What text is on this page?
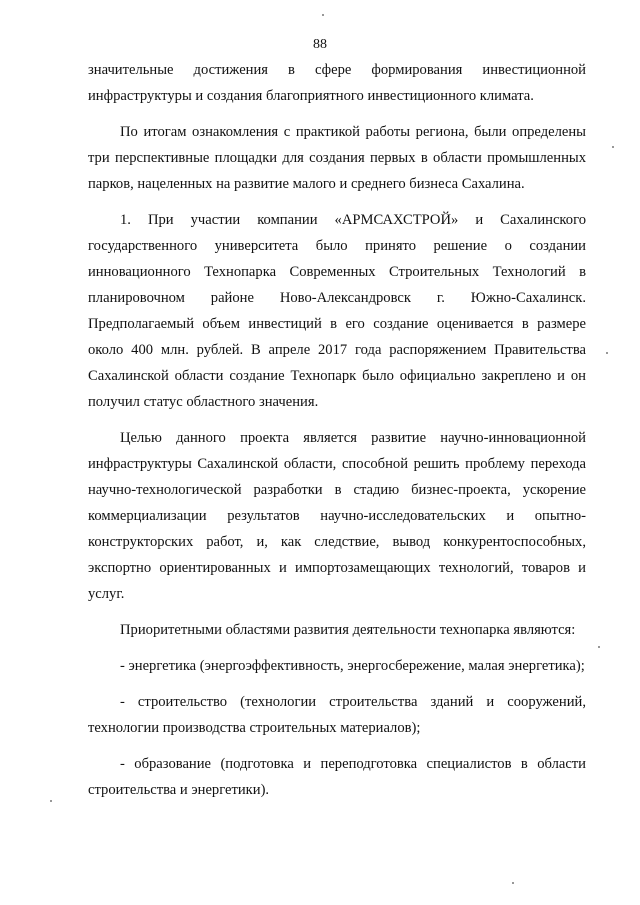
88

значительные достижения в сфере формирования инвестиционной инфраструктуры и создания благоприятного инвестиционного климата.

По итогам ознакомления с практикой работы региона, были определены три перспективные площадки для создания первых в области промышленных парков, нацеленных на развитие малого и среднего бизнеса Сахалина.

1. При участии компании «АРМСАХСТРОЙ» и Сахалинского государственного университета было принято решение о создании инновационного Технопарка Современных Строительных Технологий в планировочном районе Ново-Александровск г. Южно-Сахалинск. Предполагаемый объем инвестиций в его создание оценивается в размере около 400 млн. рублей. В апреле 2017 года распоряжением Правительства Сахалинской области создание Технопарк было официально закреплено и он получил статус областного значения.

Целью данного проекта является развитие научно-инновационной инфраструктуры Сахалинской области, способной решить проблему перехода научно-технологической разработки в стадию бизнес-проекта, ускорение коммерциализации результатов научно-исследовательских и опытно-конструкторских работ, и, как следствие, вывод конкурентоспособных, экспортно ориентированных и импортозамещающих технологий, товаров и услуг.

Приоритетными областями развития деятельности технопарка являются:

- энергетика (энергоэффективность, энергосбережение, малая энергетика);

- строительство (технологии строительства зданий и сооружений, технологии производства строительных материалов);

- образование (подготовка и переподготовка специалистов в области строительства и энергетики).
